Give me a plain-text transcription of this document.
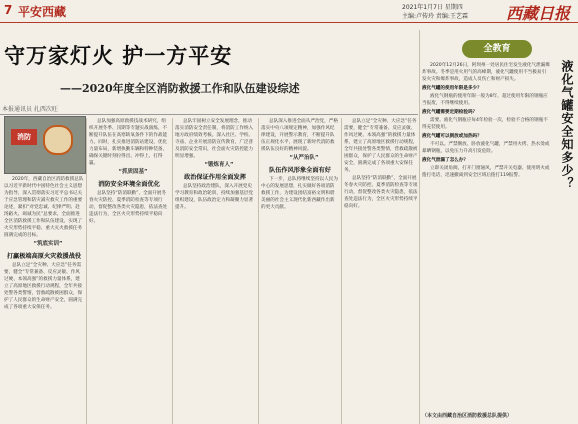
7 平安西藏	2021年1月7日 星期四
主编:卢传玲 责编:王艺霖 西藏日报
守万家灯火 护一方平安
——2020年度全区消防救援工作和队伍建设综述
本报通讯员 扎西次旺
消防

2020年，西藏自治区消防救援总队以习近平新时代中国特色社会主义思想为指导，深入贯彻落实习近平总书记关于应急管理和防灾减灾救灾工作的重要论述，紧扣“对党忠诚、纪律严明、赴汤蹈火、竭诚为民”总要求，全面推进全区消防救援工作和队伍建设，实现了火灾形势持续平稳、重大灭火救援任务圆满完成的目标。

“筑底实训”

打赢极端高原火灾救援战役

总队立足“全灾种、大应急”任务需要，健全“专常兼备、反应灵敏、作风过硬、本领高强”的救援力量体系，建立了高原地区救援行动规程，全年共接处警各类警情，营救疏散被困群众，保护了人民群众的生命财产安全，圆满完成了各项重大安保任务。

总队加强高原救援技战术研究，组织开展冬季、汛期等专题实战演练，不断提升队伍在高寒缺氧条件下的作战能力。同时，扎实推进消防站建设，优化力量布局，新增执勤车辆和特种装备，确保关键时刻拉得出、冲得上、打得赢。

“抓质固基”

消防安全环境全面优化

总队坚持“防消联勤”，全面开展冬春火灾防控、夏季消防检查等专项行动，督促整改各类火灾隐患，依法查处违法行为，全区火灾形势持续平稳向好。

总队牢固树立安全发展理念，推动落实消防安全责任制，将消防工作纳入地方政府绩效考核。深入社区、学校、寺庙、企业开展消防宣传教育，广泛普及消防安全常识，社会面火灾防控能力明显增强。

“锻炼育人”

政治保证作用全面发挥

总队坚持政治建队，深入开展党史学习教育和政治轮训，持续加强基层党组织建设，队伍政治定力和凝聚力显著提升。

总队深入推进全面从严治党，严格落实中央八项规定精神，加强作风纪律建设，开展警示教育，不断提升队伍正规化水平，展现了新时代消防救援队伍良好的精神风貌。

“从严治队”

队伍作风形象全面有好

下一步，总队将继续坚持以人民为中心的发展思想，扎实做好各项消防救援工作，为建设团结富裕文明和谐美丽的社会主义现代化新西藏作出新的更大贡献。

总队立足“全灾种、大应急”任务需要，健全“专常兼备、反应灵敏、作风过硬、本领高强”的救援力量体系，建立了高原地区救援行动规程，全年共接处警各类警情，营救疏散被困群众，保护了人民群众的生命财产安全，圆满完成了各项重大安保任务。

总队坚持“防消联勤”，全面开展冬春火灾防控、夏季消防检查等专项行动，督促整改各类火灾隐患，依法查处违法行为，全区火灾形势持续平稳向好。

全教育
液化气罐安全知多少？

2020年12月26日，阿坝州一处居民住宅发生液化气泄漏爆炸事故。冬季是用火用气的高峰期，液化气罐使用不当极易引发火灾和爆炸事故，造成人员伤亡和财产损失。

液化气罐的使用年限是多少？

液化气钢瓶的使用年限一般为8年，超过使用年限的钢瓶应当报废，不得继续使用。

液化气罐需要定期检验吗？

需要。液化气钢瓶应每4年检验一次，检验不合格的钢瓶不得充装使用。

液化气罐可以倒放或加热吗？

不可以。严禁倒放、卧放液化气罐，严禁用火烤、热水烫或暴晒钢瓶，以免压力升高引发危险。

液化气泄漏了怎么办？

立即关闭角阀，打开门窗通风，严禁开关电器、使用明火或拨打电话，迅速撤离到安全区域后拨打119报警。

（本文由西藏自治区消防救援总队提供）
